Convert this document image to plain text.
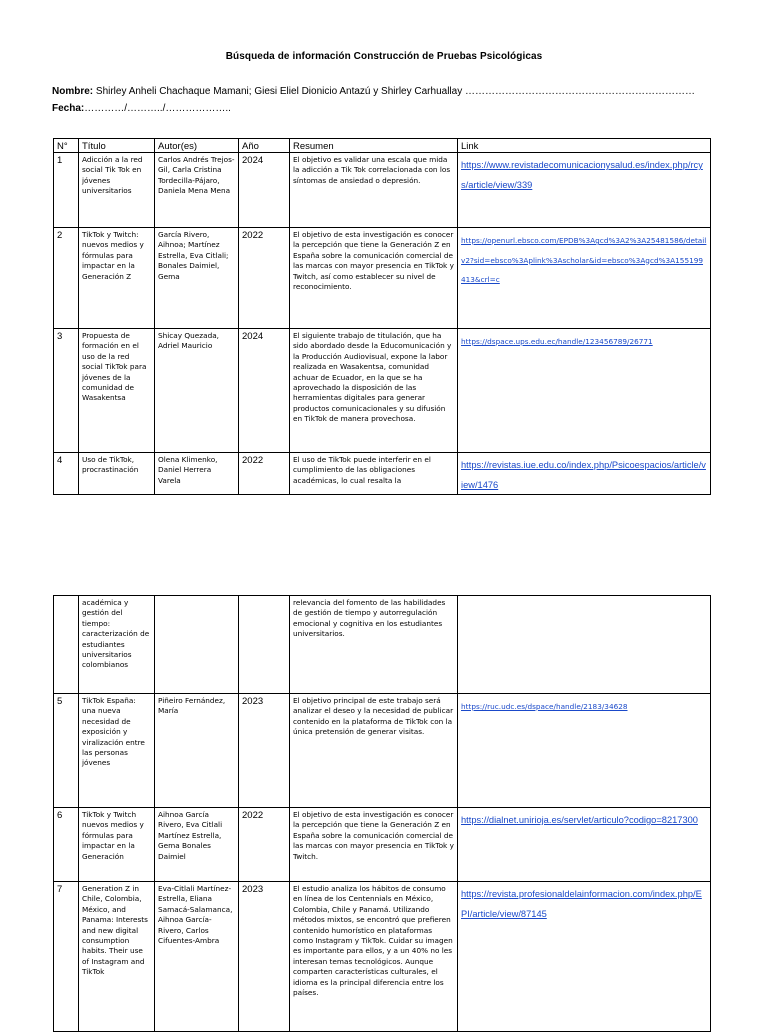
Búsqueda de información Construcción de Pruebas Psicológicas
Nombre: Shirley Anheli Chachaque Mamani; Giesi Eliel Dionicio Antazú y Shirley Carhuallay ……………………………………………………………
Fecha:…………/………../………………..
N°	Título	Autor(es)	Año	Resumen	Link
1	Adicción a la red social Tik Tok en jóvenes universitarios	Carlos Andrés Trejos-Gil, Carla Cristina Tordecilla-Pájaro, Daniela Mena Mena	2024	El objetivo es validar una escala que mida la adicción a Tik Tok correlacionada con los síntomas de ansiedad o depresión.	https://www.revistadecomunicacionysalud.es/index.php/rcys/article/view/339
2	TikTok y Twitch: nuevos medios y fórmulas para impactar en la Generación Z	García Rivero, Aihnoa; Martínez Estrella, Eva Citlali; Bonales Daimiel, Gema	2022	El objetivo de esta investigación es conocer la percepción que tiene la Generación Z en España sobre la comunicación comercial de las marcas con mayor presencia en TikTok y Twitch, así como establecer su nivel de reconocimiento.	https://openurl.ebsco.com/EPDB%3Agcd%3A2%3A25481586/detailv2?sid=ebsco%3Aplink%3Ascholar&id=ebsco%3Agcd%3A155199413&crl=c
3	Propuesta de formación en el uso de la red social TikTok para jóvenes de la comunidad de Wasakentsa	Shicay Quezada, Adriel Mauricio	2024	El siguiente trabajo de titulación, que ha sido abordado desde la Educomunicación y la Producción Audiovisual, expone la labor realizada en Wasakentsa, comunidad achuar de Ecuador, en la que se ha aprovechado la disposición de las herramientas digitales para generar productos comunicacionales y su difusión en TikTok de manera provechosa.	https://dspace.ups.edu.ec/handle/123456789/26771
4	Uso de TikTok, procrastinación	Olena Klimenko, Daniel Herrera Varela	2022	El uso de TikTok puede interferir en el cumplimiento de las obligaciones académicas, lo cual resalta la	https://revistas.iue.edu.co/index.php/Psicoespacios/article/view/1476
	académica y gestión del tiempo: caracterización de estudiantes universitarios colombianos			relevancia del fomento de las habilidades de gestión de tiempo y autorregulación emocional y cognitiva en los estudiantes universitarios.	
5	TikTok España: una nueva necesidad de exposición y viralización entre las personas jóvenes	Piñeiro Fernández, María	2023	El objetivo principal de este trabajo será analizar el deseo y la necesidad de publicar contenido en la plataforma de TikTok con la única pretensión de generar visitas.	https://ruc.udc.es/dspace/handle/2183/34628
6	TikTok y Twitch nuevos medios y fórmulas para impactar en la Generación	Aihnoa García Rivero, Eva Citlali Martínez Estrella, Gema Bonales Daimiel	2022	El objetivo de esta investigación es conocer la percepción que tiene la Generación Z en España sobre la comunicación comercial de las marcas con mayor presencia en TikTok y Twitch.	https://dialnet.unirioja.es/servlet/articulo?codigo=8217300
7	Generation Z in Chile, Colombia, México, and Panama: Interests and new digital consumption habits. Their use of Instagram and TikTok	Eva-Citlali Martínez-Estrella, Eliana Samacá-Salamanca, Aihnoa García-Rivero, Carlos Cifuentes-Ambra	2023	El estudio analiza los hábitos de consumo en línea de los Centennials en México, Colombia, Chile y Panamá. Utilizando métodos mixtos, se encontró que prefieren contenido humorístico en plataformas como Instagram y TikTok. Cuidar su imagen es importante para ellos, y a un 40% no les interesan temas tecnológicos. Aunque comparten características culturales, el idioma es la principal diferencia entre los países.	https://revista.profesionaldelainformacion.com/index.php/EPI/article/view/87145
